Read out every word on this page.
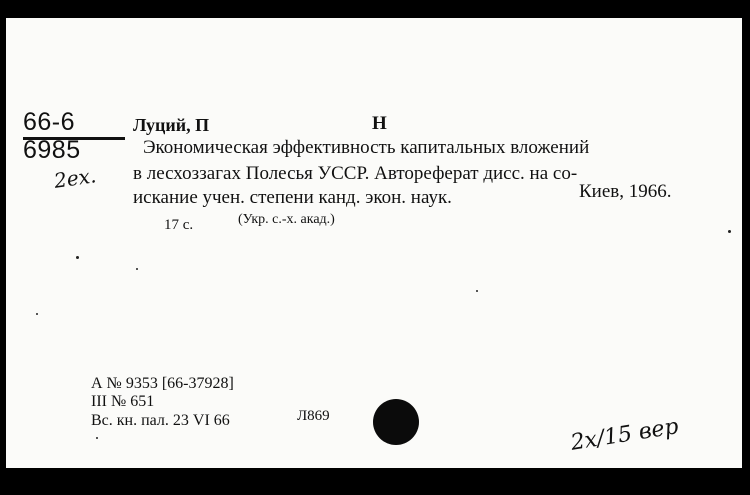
66-6
6985
2ex.
Луций, П	Н
Экономическая эффективность капитальных вложений
в лесхоззагах Полесья УССР. Автореферат дисс. на со-
искание учен. степени канд. экон. наук.	Киев, 1966.
17 с.	(Укр. с.-х. акад.)
А № 9353 [66-37928]
III № 651
Вс. кн. пал. 23 VI 66	Л869	2x/15 вер
